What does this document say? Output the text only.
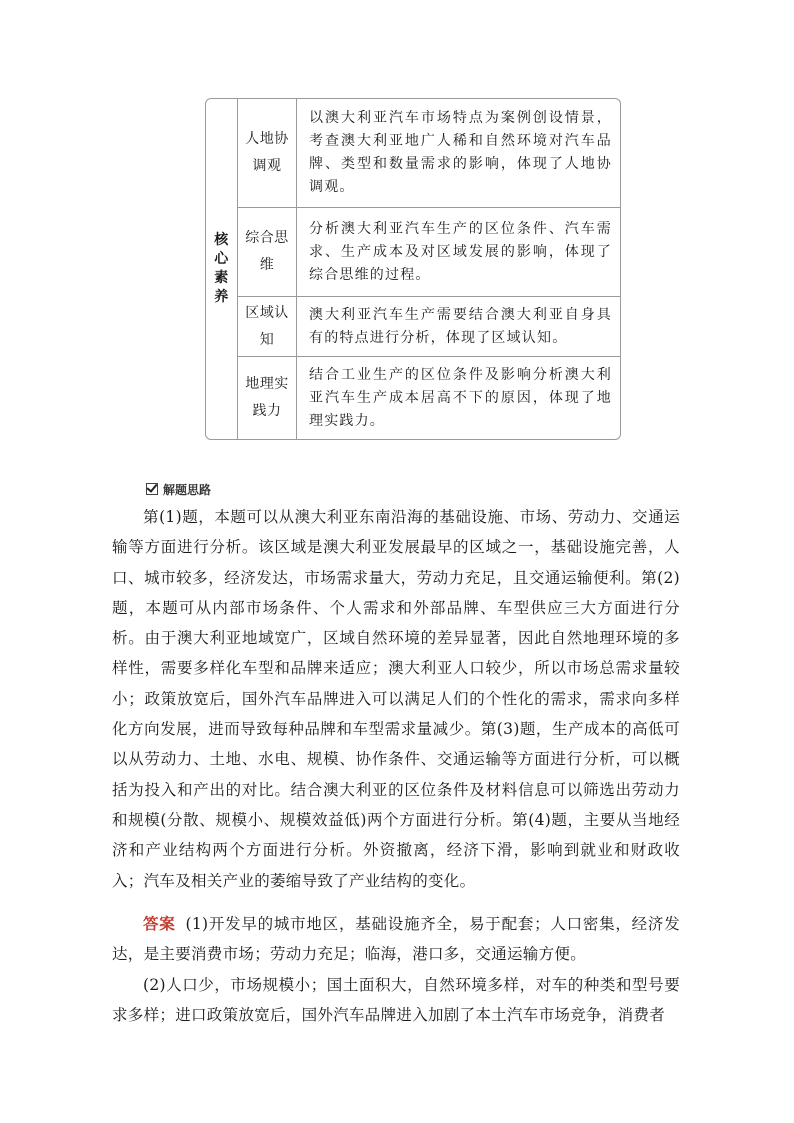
核心素养	人地协调观	以澳大利亚汽车市场特点为案例创设情景，考查澳大利亚地广人稀和自然环境对汽车品牌、类型和数量需求的影响，体现了人地协调观。
	综合思维	分析澳大利亚汽车生产的区位条件、汽车需求、生产成本及对区域发展的影响，体现了综合思维的过程。
	区域认知	澳大利亚汽车生产需要结合澳大利亚自身具有的特点进行分析，体现了区域认知。
	地理实践力	结合工业生产的区位条件及影响分析澳大利亚汽车生产成本居高不下的原因，体现了地理实践力。
解题思路

第(1)题，本题可以从澳大利亚东南沿海的基础设施、市场、劳动力、交通运输等方面进行分析。该区域是澳大利亚发展最早的区域之一，基础设施完善，人口、城市较多，经济发达，市场需求量大，劳动力充足，且交通运输便利。第(2)题，本题可从内部市场条件、个人需求和外部品牌、车型供应三大方面进行分析。由于澳大利亚地域宽广，区域自然环境的差异显著，因此自然地理环境的多样性，需要多样化车型和品牌来适应；澳大利亚人口较少，所以市场总需求量较小；政策放宽后，国外汽车品牌进入可以满足人们的个性化的需求，需求向多样化方向发展，进而导致每种品牌和车型需求量减少。第(3)题，生产成本的高低可以从劳动力、土地、水电、规模、协作条件、交通运输等方面进行分析，可以概括为投入和产出的对比。结合澳大利亚的区位条件及材料信息可以筛选出劳动力和规模(分散、规模小、规模效益低)两个方面进行分析。第(4)题，主要从当地经济和产业结构两个方面进行分析。外资撤离，经济下滑，影响到就业和财政收入；汽车及相关产业的萎缩导致了产业结构的变化。

答案 (1)开发早的城市地区，基础设施齐全，易于配套；人口密集，经济发达，是主要消费市场；劳动力充足；临海，港口多，交通运输方便。

(2)人口少，市场规模小；国土面积大，自然环境多样，对车的种类和型号要求多样；进口政策放宽后，国外汽车品牌进入加剧了本土汽车市场竞争，消费者
